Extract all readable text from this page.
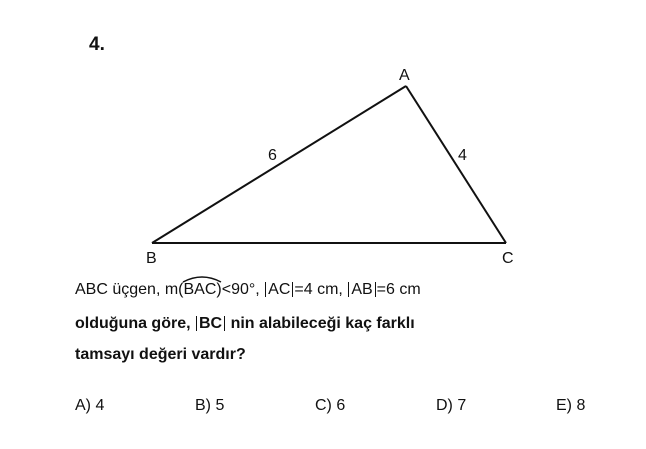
4.
A
B	C
6	4
ABC üçgen, m(
BAC)<90°, AC =4 cm, AB =6 cm
olduğuna göre, BC nin alabileceği kaç farklı
tamsayı değeri vardır?
A) 4	B) 5	C) 6	D) 7	E) 8
